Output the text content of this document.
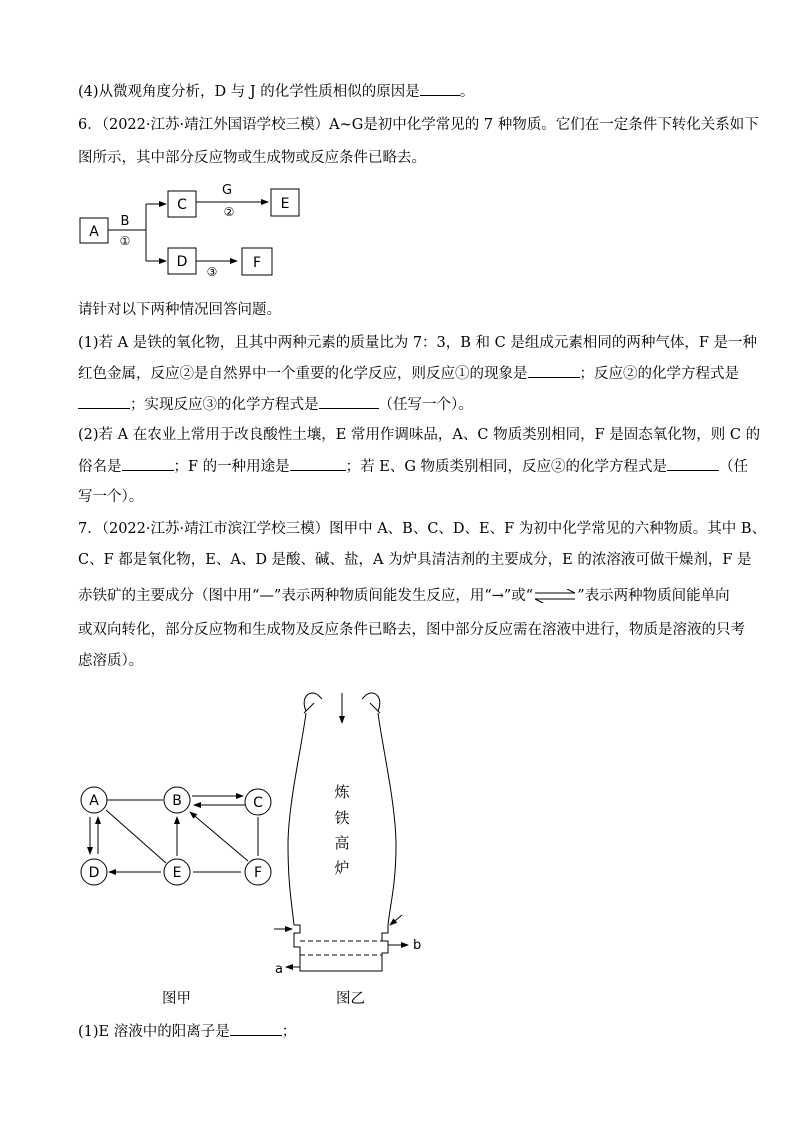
(4)从微观角度分析，D 与 J 的化学性质相似的原因是	。
6．（2022·江苏·靖江外国语学校三模）A~G是初中化学常见的 7 种物质。它们在一定条件下转化关系如下
图所示，其中部分反应物或生成物或反应条件已略去。
A
B
①
C
G
②	E
D
③
F
请针对以下两种情况回答问题。
(1)若 A 是铁的氧化物，且其中两种元素的质量比为 7：3，B 和 C 是组成元素相同的两种气体，F 是一种
红色金属，反应②是自然界中一个重要的化学反应，则反应①的现象是	；反应②的化学方程式是
；实现反应③的化学方程式是	（任写一个）。
(2)若 A 在农业上常用于改良酸性土壤，E 常用作调味品，A、C 物质类别相同，F 是固态氧化物，则 C 的
俗名是	；F 的一种用途是	；若 E、G 物质类别相同，反应②的化学方程式是	（任
写一个）。
7．（2022·江苏·靖江市滨江学校三模）图甲中 A、B、C、D、E、F 为初中化学常见的六种物质。其中 B、
C、F 都是氧化物，E、A、D 是酸、碱、盐，A 为炉具清洁剂的主要成分，E 的浓溶液可做干燥剂，F 是
赤铁矿的主要成分（图中用“—”表示两种物质间能发生反应，用“→”或“⇌”表示两种物质间能单向
或双向转化，部分反应物和生成物及反应条件已略去，图中部分反应需在溶液中进行，物质是溶液的只考
虑溶质）。
A	B	C
D	E	F
图甲
炼
铁
高
炉
b
a
图乙
(1)E 溶液中的阳离子是	；
